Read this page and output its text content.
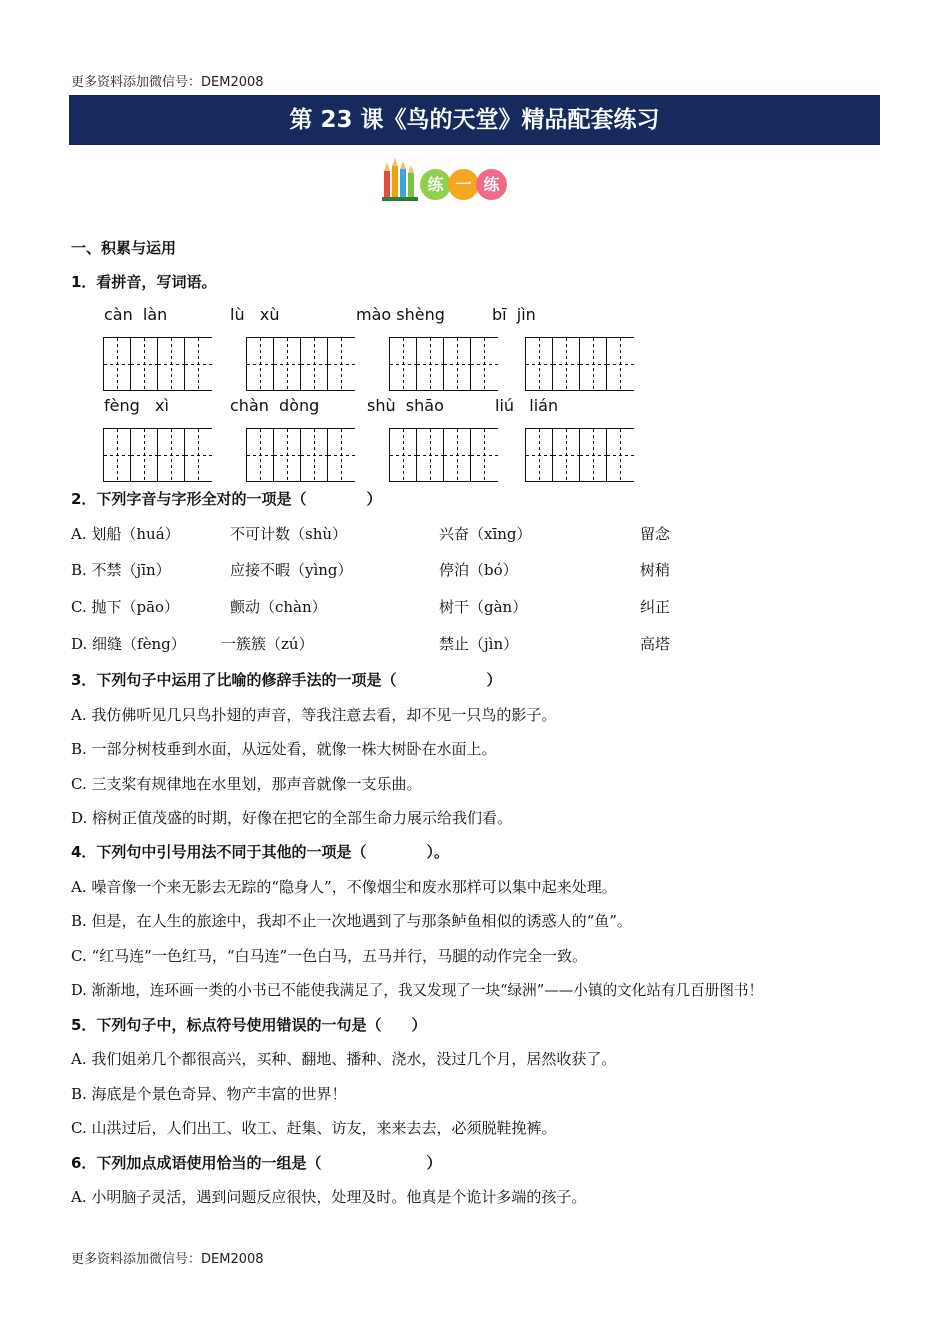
更多资料添加微信号：DEM2008
第 23 课《鸟的天堂》精品配套练习
练 一 练
一、积累与运用
1．看拼音，写词语。
càn  làn	lù   xù	mào shèng	bī  jìn
fèng   xì	chàn  dòng	shù  shāo	liú   lián
2．下列字音与字形全对的一项是（　　　　）
A. 划船（huá）	不可计数（shù）	兴奋（xīng）	留念
B. 不禁（jīn）	应接不暇（yìng）	停泊（bó）	树稍
C. 抛下（pāo）	颤动（chàn）	树干（gàn）	纠正
D. 细缝（fèng） 一簇簇（zú）	禁止（jìn）	高塔
3．下列句子中运用了比喻的修辞手法的一项是（　　　　　　）
A. 我仿佛听见几只鸟扑翅的声音，等我注意去看，却不见一只鸟的影子。
B. 一部分树枝垂到水面，从远处看，就像一株大树卧在水面上。
C. 三支桨有规律地在水里划，那声音就像一支乐曲。
D. 榕树正值茂盛的时期，好像在把它的全部生命力展示给我们看。
4．下列句中引号用法不同于其他的一项是（　　　　）。
A. 噪音像一个来无影去无踪的“隐身人”，不像烟尘和废水那样可以集中起来处理。
B. 但是，在人生的旅途中，我却不止一次地遇到了与那条鲈鱼相似的诱惑人的“鱼”。
C. “红马连”一色红马，“白马连”一色白马，五马并行，马腿的动作完全一致。
D. 渐渐地，连环画一类的小书已不能使我满足了，我又发现了一块“绿洲”——小镇的文化站有几百册图书！
5．下列句子中，标点符号使用错误的一句是（　　）
A. 我们姐弟几个都很高兴，买种、翻地、播种、浇水，没过几个月，居然收获了。
B. 海底是个景色奇异、物产丰富的世界！
C. 山洪过后，人们出工、收工、赶集、访友，来来去去，必须脱鞋挽裤。
6．下列加点成语使用恰当的一组是（　　　　　　　）
A. 小明脑子灵活，遇到问题反应很快，处理及时。他真是个诡计多端的孩子。
更多资料添加微信号：DEM2008
